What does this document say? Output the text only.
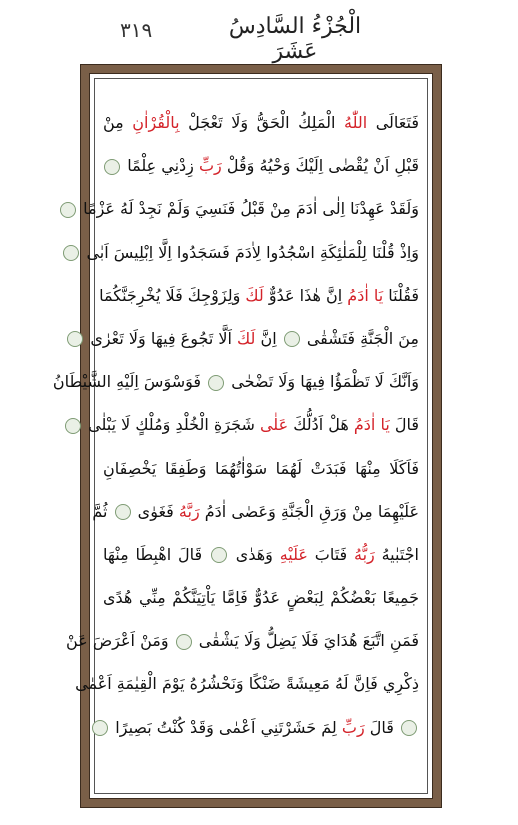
الْجُزْءُ السَّادِسُ عَشَرَ
٣١٩
فَتَعَالَى اللّٰهُ الْمَلِكُ الْحَقُّ وَلَا تَعْجَلْ بِالْقُرْاٰنِ مِنْ
قَبْلِ اَنْ يُقْضٰى اِلَيْكَ وَحْيُهُ وَقُلْ رَبِّ زِدْنِي عِلْمًا
وَلَقَدْ عَهِدْنَا اِلٰى اٰدَمَ مِنْ قَبْلُ فَنَسِيَ وَلَمْ نَجِدْ لَهُ عَزْمًا
وَاِذْ قُلْنَا لِلْمَلٰئِكَةِ اسْجُدُوا لِاٰدَمَ فَسَجَدُوا اِلَّا اِبْلِيسَ اَبٰى
فَقُلْنَا يَا اٰدَمُ اِنَّ هٰذَا عَدُوٌّ لَكَ وَلِزَوْجِكَ فَلَا يُخْرِجَنَّكُمَا
مِنَ الْجَنَّةِ فَتَشْقٰى  اِنَّ لَكَ اَلَّا تَجُوعَ فِيهَا وَلَا تَعْرٰى
وَاَنَّكَ لَا تَظْمَؤُا فِيهَا وَلَا تَضْحٰى  فَوَسْوَسَ اِلَيْهِ الشَّيْطَانُ
قَالَ يَا اٰدَمُ هَلْ اَدُلُّكَ عَلٰى شَجَرَةِ الْخُلْدِ وَمُلْكٍ لَا يَبْلٰى
فَاَكَلَا مِنْهَا فَبَدَتْ لَهُمَا سَوْاٰتُهُمَا وَطَفِقَا يَخْصِفَانِ
عَلَيْهِمَا مِنْ وَرَقِ الْجَنَّةِ وَعَصٰى اٰدَمُ رَبَّهُ فَغَوٰى  ثُمَّ
اجْتَبٰيهُ رَبُّهُ فَتَابَ عَلَيْهِ وَهَدٰى  قَالَ اهْبِطَا مِنْهَا
جَمِيعًا بَعْضُكُمْ لِبَعْضٍ عَدُوٌّ فَاِمَّا يَاْتِيَنَّكُمْ مِنِّي هُدًى
فَمَنِ اتَّبَعَ هُدَايَ فَلَا يَضِلُّ وَلَا يَشْقٰى  وَمَنْ اَعْرَضَ عَنْ
ذِكْرِي فَاِنَّ لَهُ مَعِيشَةً ضَنْكًا وَنَحْشُرُهُ يَوْمَ الْقِيٰمَةِ اَعْمٰى
قَالَ رَبِّ لِمَ حَشَرْتَنِي اَعْمٰى وَقَدْ كُنْتُ بَصِيرًا
